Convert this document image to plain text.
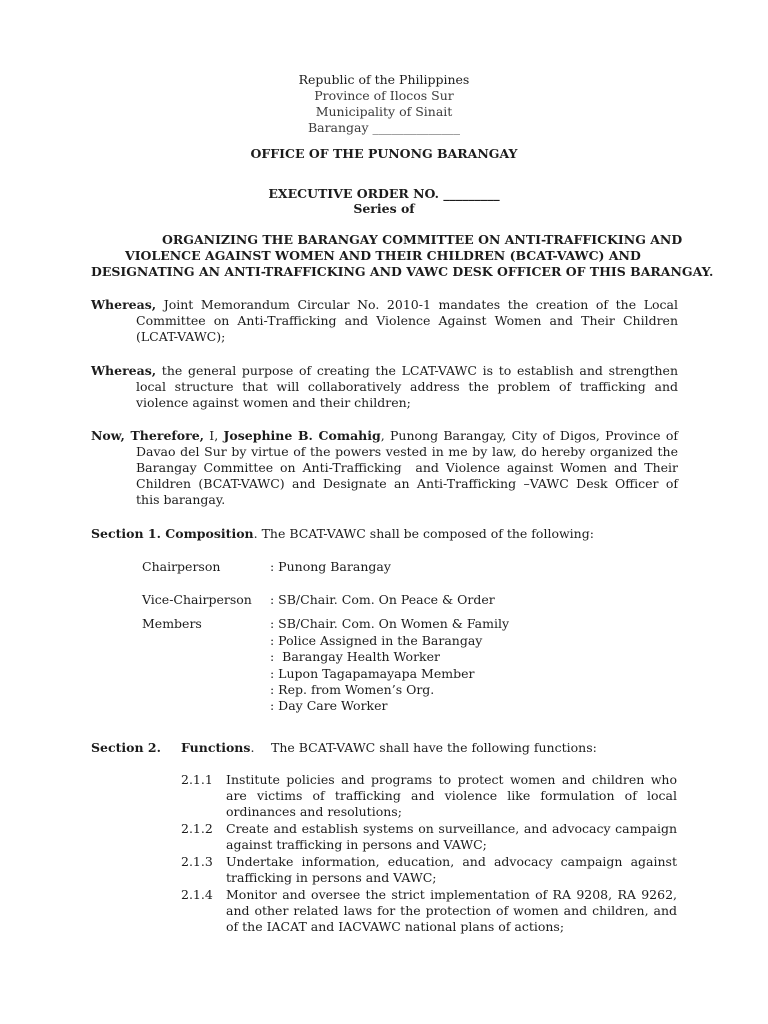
Republic of the Philippines
Province of Ilocos Sur
Municipality of Sinait
Barangay ______________
OFFICE OF THE PUNONG BARANGAY
EXECUTIVE ORDER NO. _________
Series of
ORGANIZING THE BARANGAY COMMITTEE ON ANTI-TRAFFICKING AND
VIOLENCE AGAINST WOMEN AND THEIR CHILDREN (BCAT-VAWC) AND
DESIGNATING AN ANTI-TRAFFICKING AND VAWC DESK OFFICER OF THIS BARANGAY.
Whereas, Joint Memorandum Circular No. 2010-1 mandates the creation of the Local
Committee on Anti-Trafficking and Violence Against Women and Their Children
(LCAT-VAWC);
Whereas, the general purpose of creating the LCAT-VAWC is to establish and strengthen
local structure that will collaboratively address the problem of trafficking and
violence against women and their children;
Now, Therefore, I, Josephine B. Comahig, Punong Barangay, City of Digos, Province of
Davao del Sur by virtue of the powers vested in me by law, do hereby organized the
Barangay Committee on Anti-Trafficking  and Violence against Women and Their
Children (BCAT-VAWC) and Designate an Anti-Trafficking –VAWC Desk Officer of
this barangay.
Section 1. Composition. The BCAT-VAWC shall be composed of the following:
Chairperson	: Punong Barangay
Vice-Chairperson : SB/Chair. Com. On Peace & Order
Members	: SB/Chair. Com. On Women & Family
: Police Assigned in the Barangay
:  Barangay Health Worker
: Lupon Tagapamayapa Member
: Rep. from Women’s Org.
: Day Care Worker
Section 2. Functions. The BCAT-VAWC shall have the following functions:
2.1.1 Institute policies and programs to protect women and children who
are victims of trafficking and violence like formulation of local
ordinances and resolutions;
2.1.2 Create and establish systems on surveillance, and advocacy campaign
against trafficking in persons and VAWC;
2.1.3 Undertake information, education, and advocacy campaign against
trafficking in persons and VAWC;
2.1.4 Monitor and oversee the strict implementation of RA 9208, RA 9262,
and other related laws for the protection of women and children, and
of the IACAT and IACVAWC national plans of actions;
